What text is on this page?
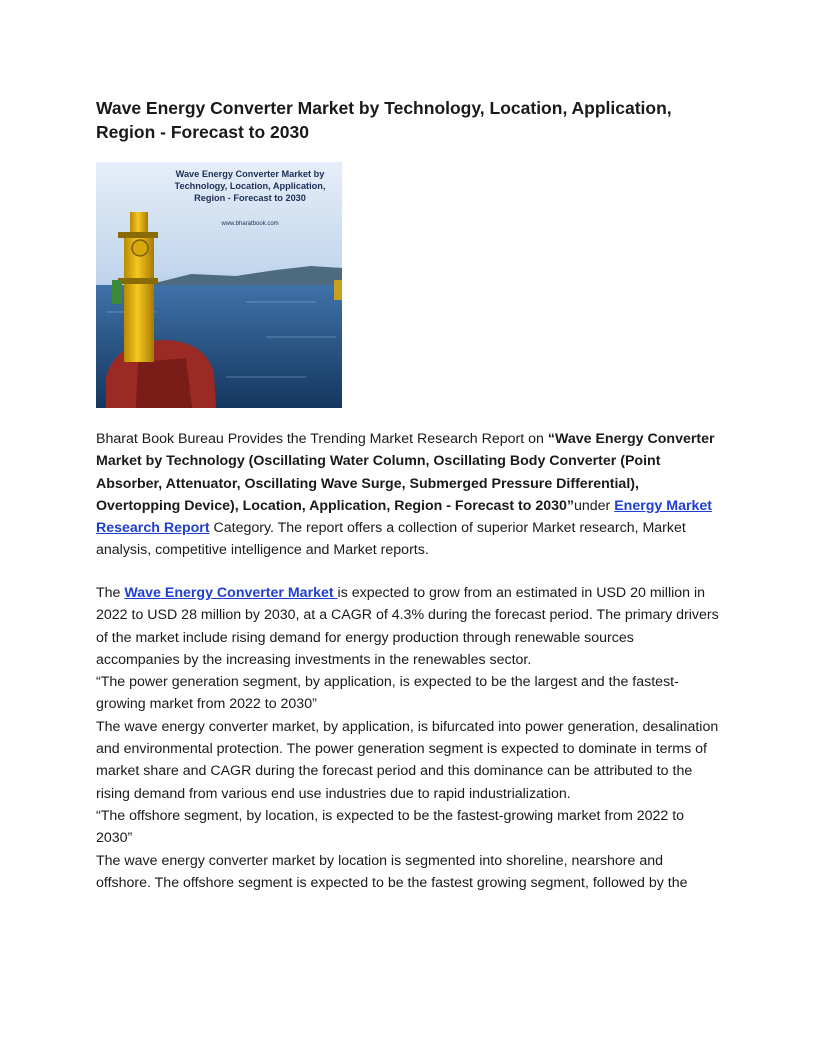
Wave Energy Converter Market by Technology, Location, Application, Region - Forecast to 2030
Wave Energy Converter Market by Technology, Location, Application, Region - Forecast to 2030
www.bharatbook.com
Bharat Book Bureau Provides the Trending Market Research Report on “Wave Energy Converter Market by Technology (Oscillating Water Column, Oscillating Body Converter (Point Absorber, Attenuator, Oscillating Wave Surge, Submerged Pressure Differential), Overtopping Device), Location, Application, Region - Forecast to 2030”under Energy Market Research Report Category. The report offers a collection of superior Market research, Market analysis, competitive intelligence and Market reports.
The Wave Energy Converter Market is expected to grow from an estimated in USD 20 million in 2022 to USD 28 million by 2030, at a CAGR of 4.3% during the forecast period. The primary drivers of the market include rising demand for energy production through renewable sources accompanies by the increasing investments in the renewables sector.
“The power generation segment, by application, is expected to be the largest and the fastest-growing market from 2022 to 2030”
The wave energy converter market, by application, is bifurcated into power generation, desalination and environmental protection. The power generation segment is expected to dominate in terms of market share and CAGR during the forecast period and this dominance can be attributed to the rising demand from various end use industries due to rapid industrialization.
“The offshore segment, by location, is expected to be the fastest-growing market from 2022 to 2030”
The wave energy converter market by location is segmented into shoreline, nearshore and offshore. The offshore segment is expected to be the fastest growing segment, followed by the
